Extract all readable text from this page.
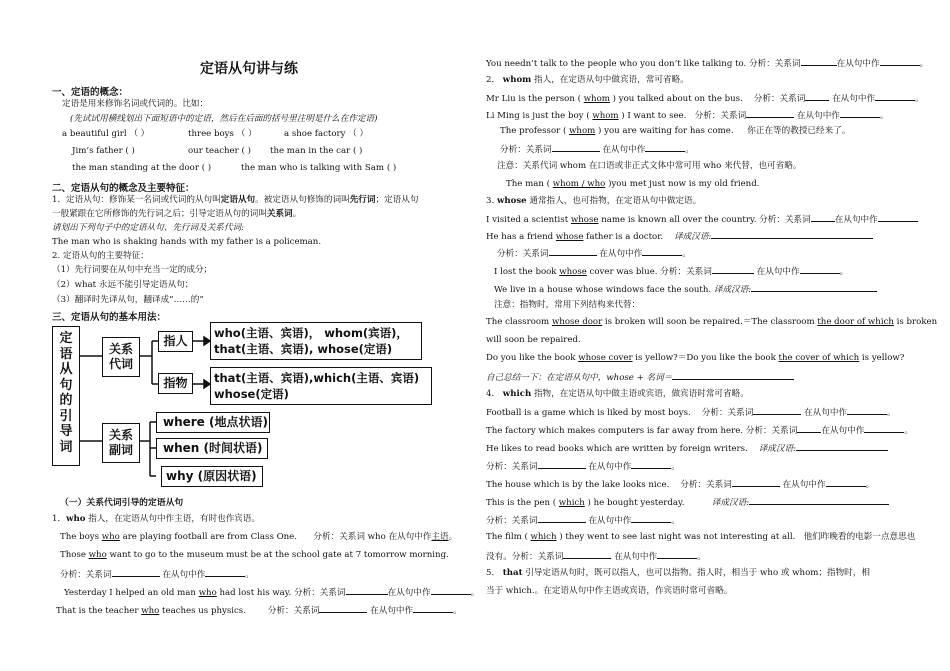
定语从句讲与练
一、定语的概念：
定语是用来修饰名词或代词的。比如：
(先试试用横线划出下面短语中的定语，然后在后面的括号里注明是什么在作定语)
a beautiful girl （ ）	three boys （ ）	a shoe factory （ ）
Jim’s father ( )	our teacher ( ) the man in the car ( )
the man standing at the door ( )	the man who is talking with Sam ( )
二、定语从句的概念及主要特征：
1．定语从句：修饰某一名词或代词的从句叫定语从句。被定语从句修饰的词叫先行词；定语从句
一般紧跟在它所修饰的先行词之后；引导定语从句的词叫关系词。
请划出下列句子中的定语从句、先行词及关系代词:
The man who is shaking hands with my father is a policeman.
2. 定语从句的主要特征：
（1）先行词要在从句中充当一定的成分；
（2）what 永远不能引导定语从句；
（3）翻译时先译从句，翻译成“……的”
三、定语从句的基本用法：
定
语
从
句
的
引
导
词
关系
代词
关系
副词
指人
指物
who(主语、宾语)， whom(宾语)，
that(主语、宾语), whose(定语)
that(主语、宾语),which(主语、宾语)
whose(定语)
where (地点状语)
when (时间状语)
why (原因状语)
（一）关系代词引导的定语从句
1．who 指人，在定语从句中作主语，有时也作宾语。
The boys who are playing football are from Class One. 分析：关系词 who 在从句中作主语。
Those who want to go to the museum must be at the school gate at 7 tomorrow morning.
分析：关系词	在从句中作	。
Yesterday I helped an old man who had lost his way. 分析：关系词	在从句中作	。
That is the teacher who teaches us physics.	分析：关系词	在从句中作	。
You needn’t talk to the people who you don’t like talking to. 分析：关系词	在从句中作	。
2． whom 指人，在定语从句中做宾语，常可省略。
Mr Liu is the person ( whom ) you talked about on the bus. 分析：关系词	在从句中作	。
Li Ming is just the boy ( whom ) I want to see. 分析：关系词	在从句中作	。
The professor ( whom ) you are waiting for has come. 你正在等的教授已经来了。
分析：关系词	在从句中作	。
注意：关系代词 whom 在口语或非正式文体中常可用 who 来代替，也可省略。
The man ( whom / who )you met just now is my old friend.
3. whose 通常指人，也可指物，在定语从句中做定语。
I visited a scientist whose name is known all over the country. 分析：关系词	在从句中作
He has a friend whose father is a doctor. 译成汉语:
分析：关系词	在从句中作	。
I lost the book whose cover was blue. 分析：关系词	在从句中作	。
We live in a house whose windows face the south. 译成汉语:
注意：指物时，常用下列结构来代替：
The classroom whose door is broken will soon be repaired.＝The classroom the door of which is broken
will soon be repaired.
Do you like the book whose cover is yellow?＝Do you like the book the cover of which is yellow?
自己总结一下：在定语从句中，whose + 名词＝
4． which 指物，在定语从句中做主语或宾语，做宾语时常可省略。
Football is a game which is liked by most boys. 分析：关系词	在从句中作	。
The factory which makes computers is far away from here. 分析：关系词	在从句中作	。
He likes to read books which are written by foreign writers. 译成汉语:
分析：关系词	在从句中作	。
The house which is by the lake looks nice. 分析：关系词	在从句中作	。
This is the pen ( which ) he bought yesterday.	译成汉语:
分析：关系词	在从句中作	。
The film ( which ) they went to see last night was not interesting at all. 他们昨晚看的电影一点意思也
没有。分析：关系词	在从句中作	。
5． that 引导定语从句时，既可以指人，也可以指物。指人时，相当于 who 或 whom；指物时，相
当于 which.。在定语从句中作主语或宾语，作宾语时常可省略。
